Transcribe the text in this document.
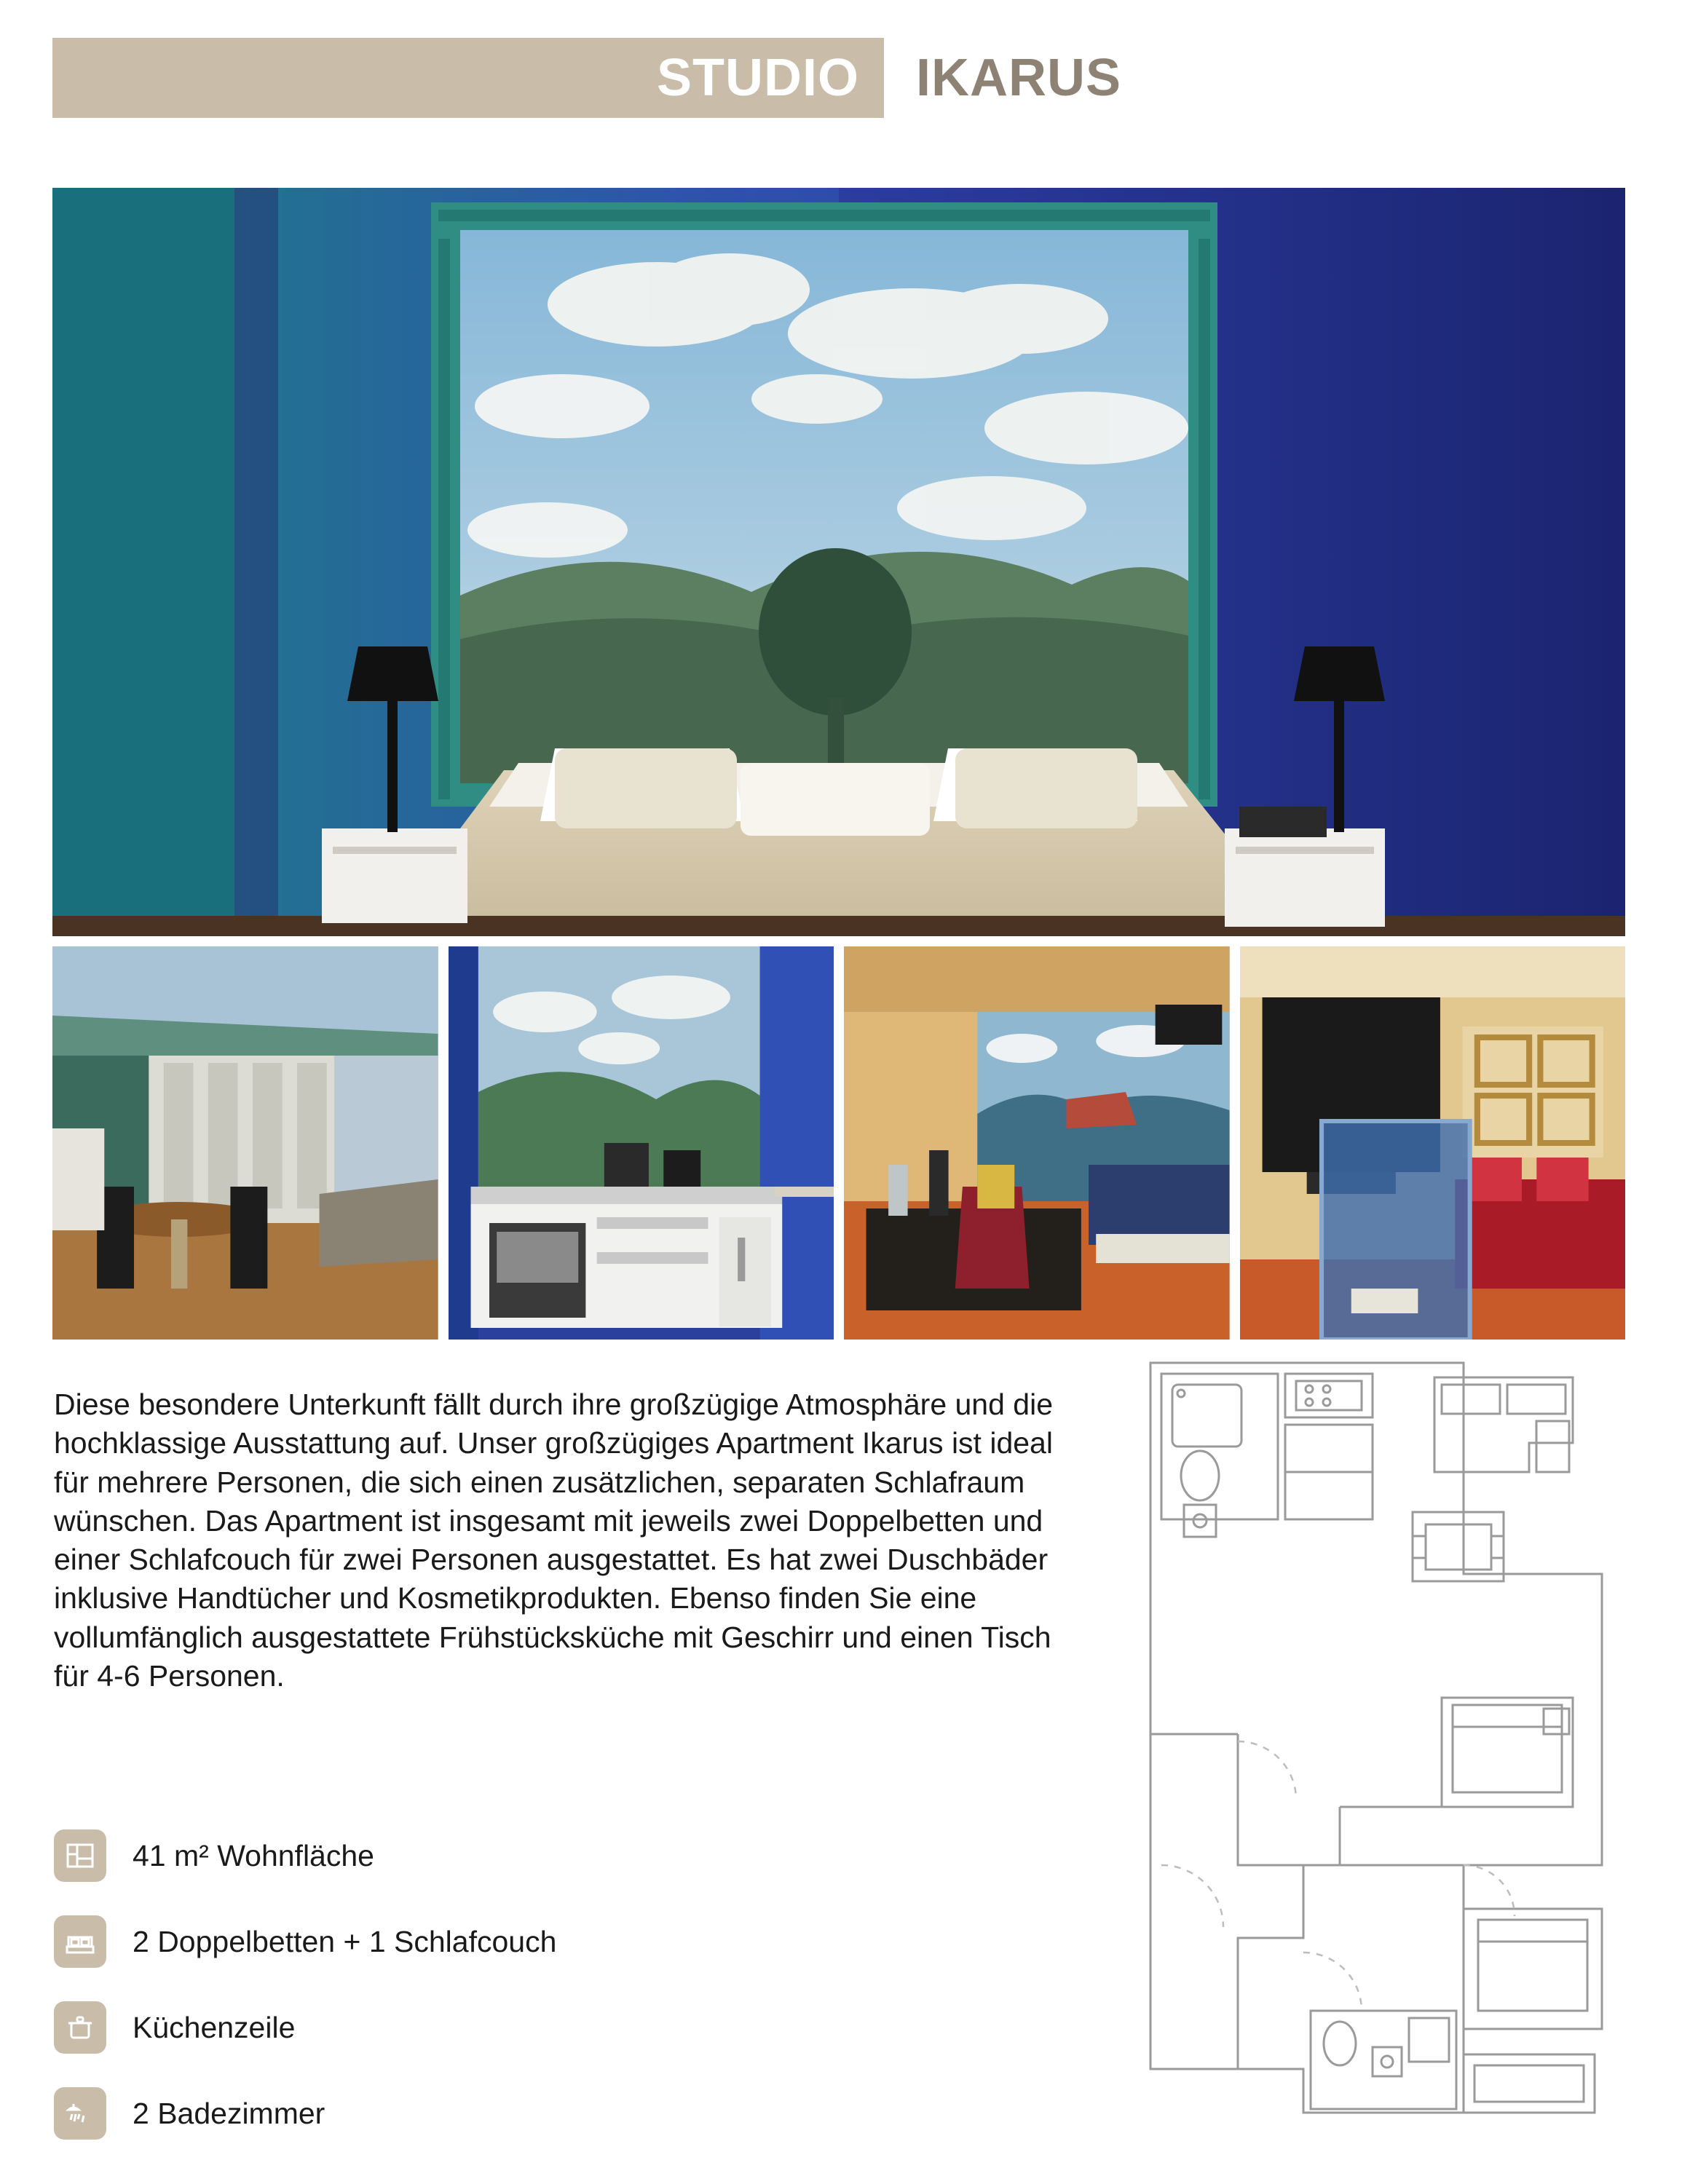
STUDIO IKARUS

Diese besondere Unterkunft fällt durch ihre großzügige Atmosphäre und die hochklassige Ausstattung auf. Unser großzügiges Apartment Ikarus ist ideal für mehrere Personen, die sich einen zusätzlichen, separaten Schlafraum wünschen. Das Apartment ist insgesamt mit jeweils zwei Doppelbetten und einer Schlafcouch für zwei Personen ausgestattet. Es hat zwei Duschbäder inklusive Handtücher und Kosmetikprodukten. Ebenso finden Sie eine vollumfänglich ausgestattete Frühstücksküche mit Geschirr und einen Tisch für 4-6 Personen.

41 m² Wohnfläche
2 Doppelbetten + 1 Schlafcouch
Küchenzeile
2 Badezimmer
